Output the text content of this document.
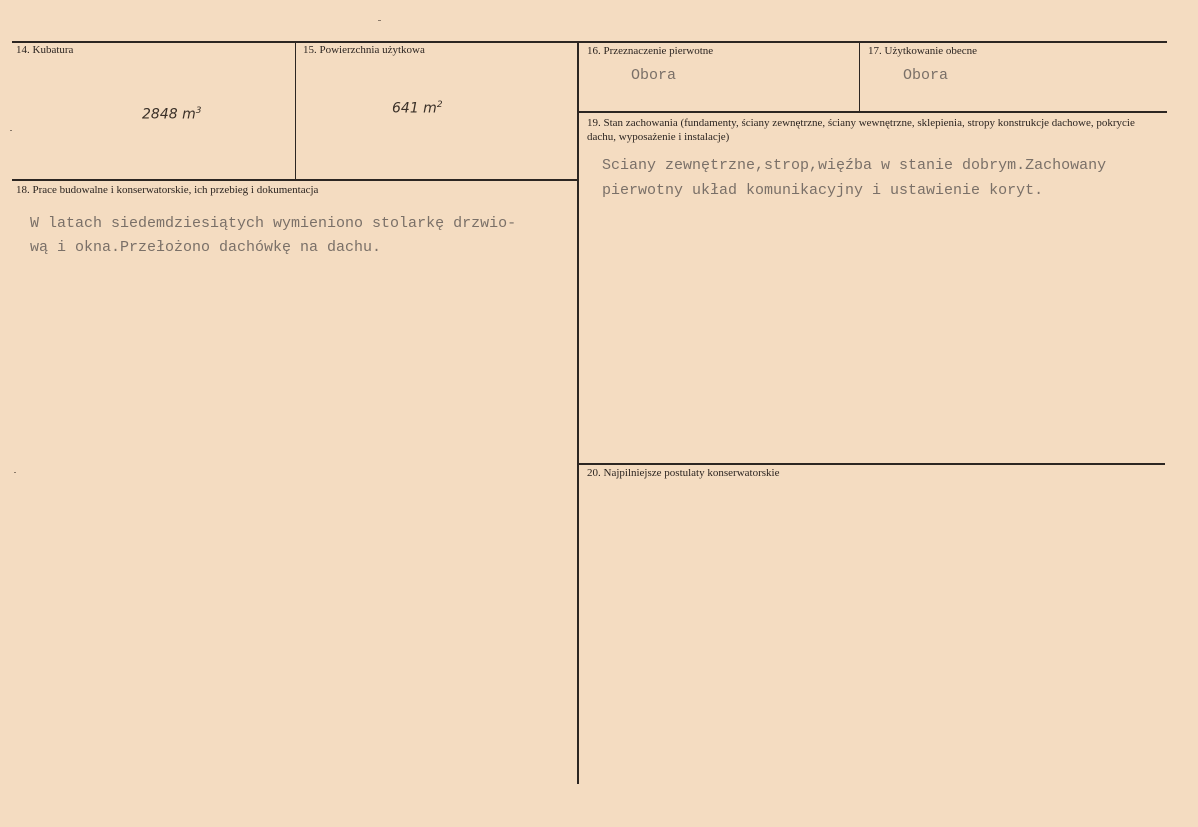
14. Kubatura
2848 $m^3$
15. Powierzchnia użytkowa
641 $m^2$
16. Przeznaczenie pierwotne
Obora
17. Użytkowanie obecne
Obora
18. Prace budowalne i konserwatorskie, ich przebieg i dokumentacja
W latach siedemdziesiątych wymieniono stolarkę drzwio-
wą i okna.Przełożono dachówkę na dachu.
19. Stan zachowania (fundamenty, ściany zewnętrzne, ściany wewnętrzne, sklepienia, stropy konstrukcje dachowe, pokrycie dachu, wyposażenie i instalacje)
Sciany zewnętrzne,strop,więźba w stanie dobrym.Zachowany
pierwotny układ komunikacyjny i ustawienie koryt.
20. Najpilniejsze postulaty konserwatorskie
